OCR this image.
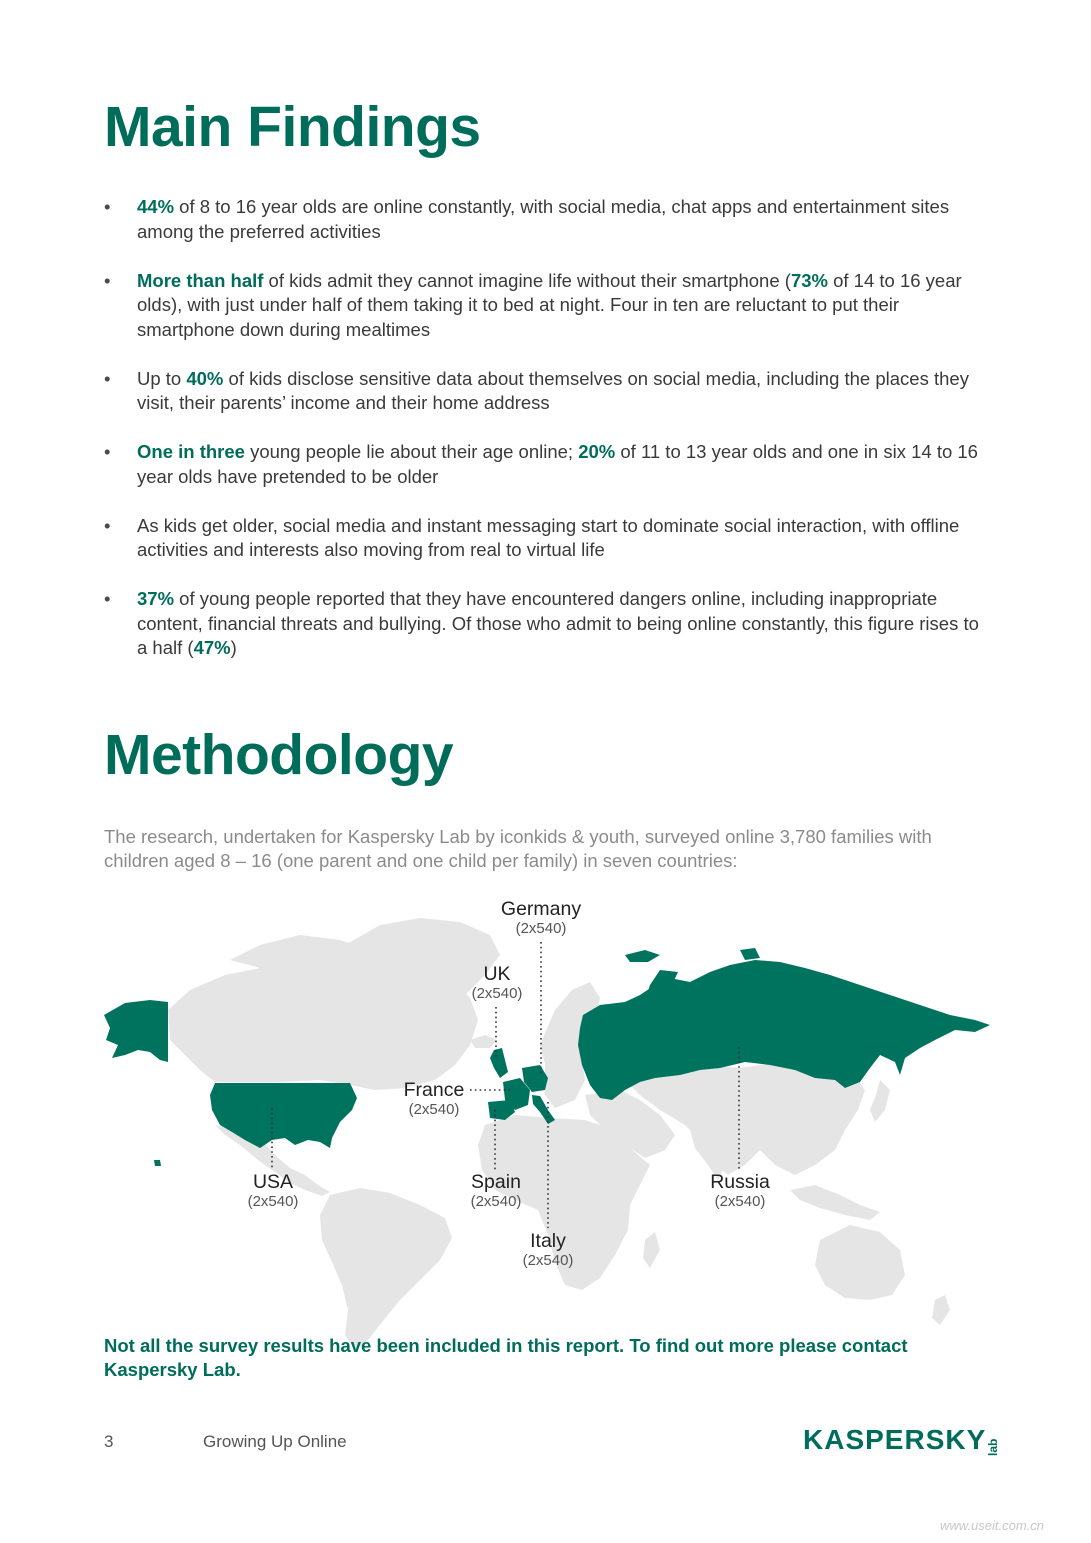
Main Findings
• 44% of 8 to 16 year olds are online constantly, with social media, chat apps and entertainment sites among the preferred activities
• More than half of kids admit they cannot imagine life without their smartphone (73% of 14 to 16 year olds), with just under half of them taking it to bed at night. Four in ten are reluctant to put their smartphone down during mealtimes
• Up to 40% of kids disclose sensitive data about themselves on social media, including the places they visit, their parents’ income and their home address
• One in three young people lie about their age online; 20% of 11 to 13 year olds and one in six 14 to 16 year olds have pretended to be older
• As kids get older, social media and instant messaging start to dominate social interaction, with offline activities and interests also moving from real to virtual life
• 37% of young people reported that they have encountered dangers online, including inappropriate content, financial threats and bullying. Of those who admit to being online constantly, this figure rises to a half (47%)
Methodology
The research, undertaken for Kaspersky Lab by iconkids & youth, surveyed online 3,780 families with children aged 8 – 16 (one parent and one child per family) in seven countries:
Germany
(2x540)
UK
(2x540)
France
(2x540)
USA
(2x540)
Spain
(2x540)
Russia
(2x540)
Italy
(2x540)
Not all the survey results have been included in this report. To find out more please contact Kaspersky Lab.
3	Growing Up Online	KASPERSKYlab
www.useit.com.cn
